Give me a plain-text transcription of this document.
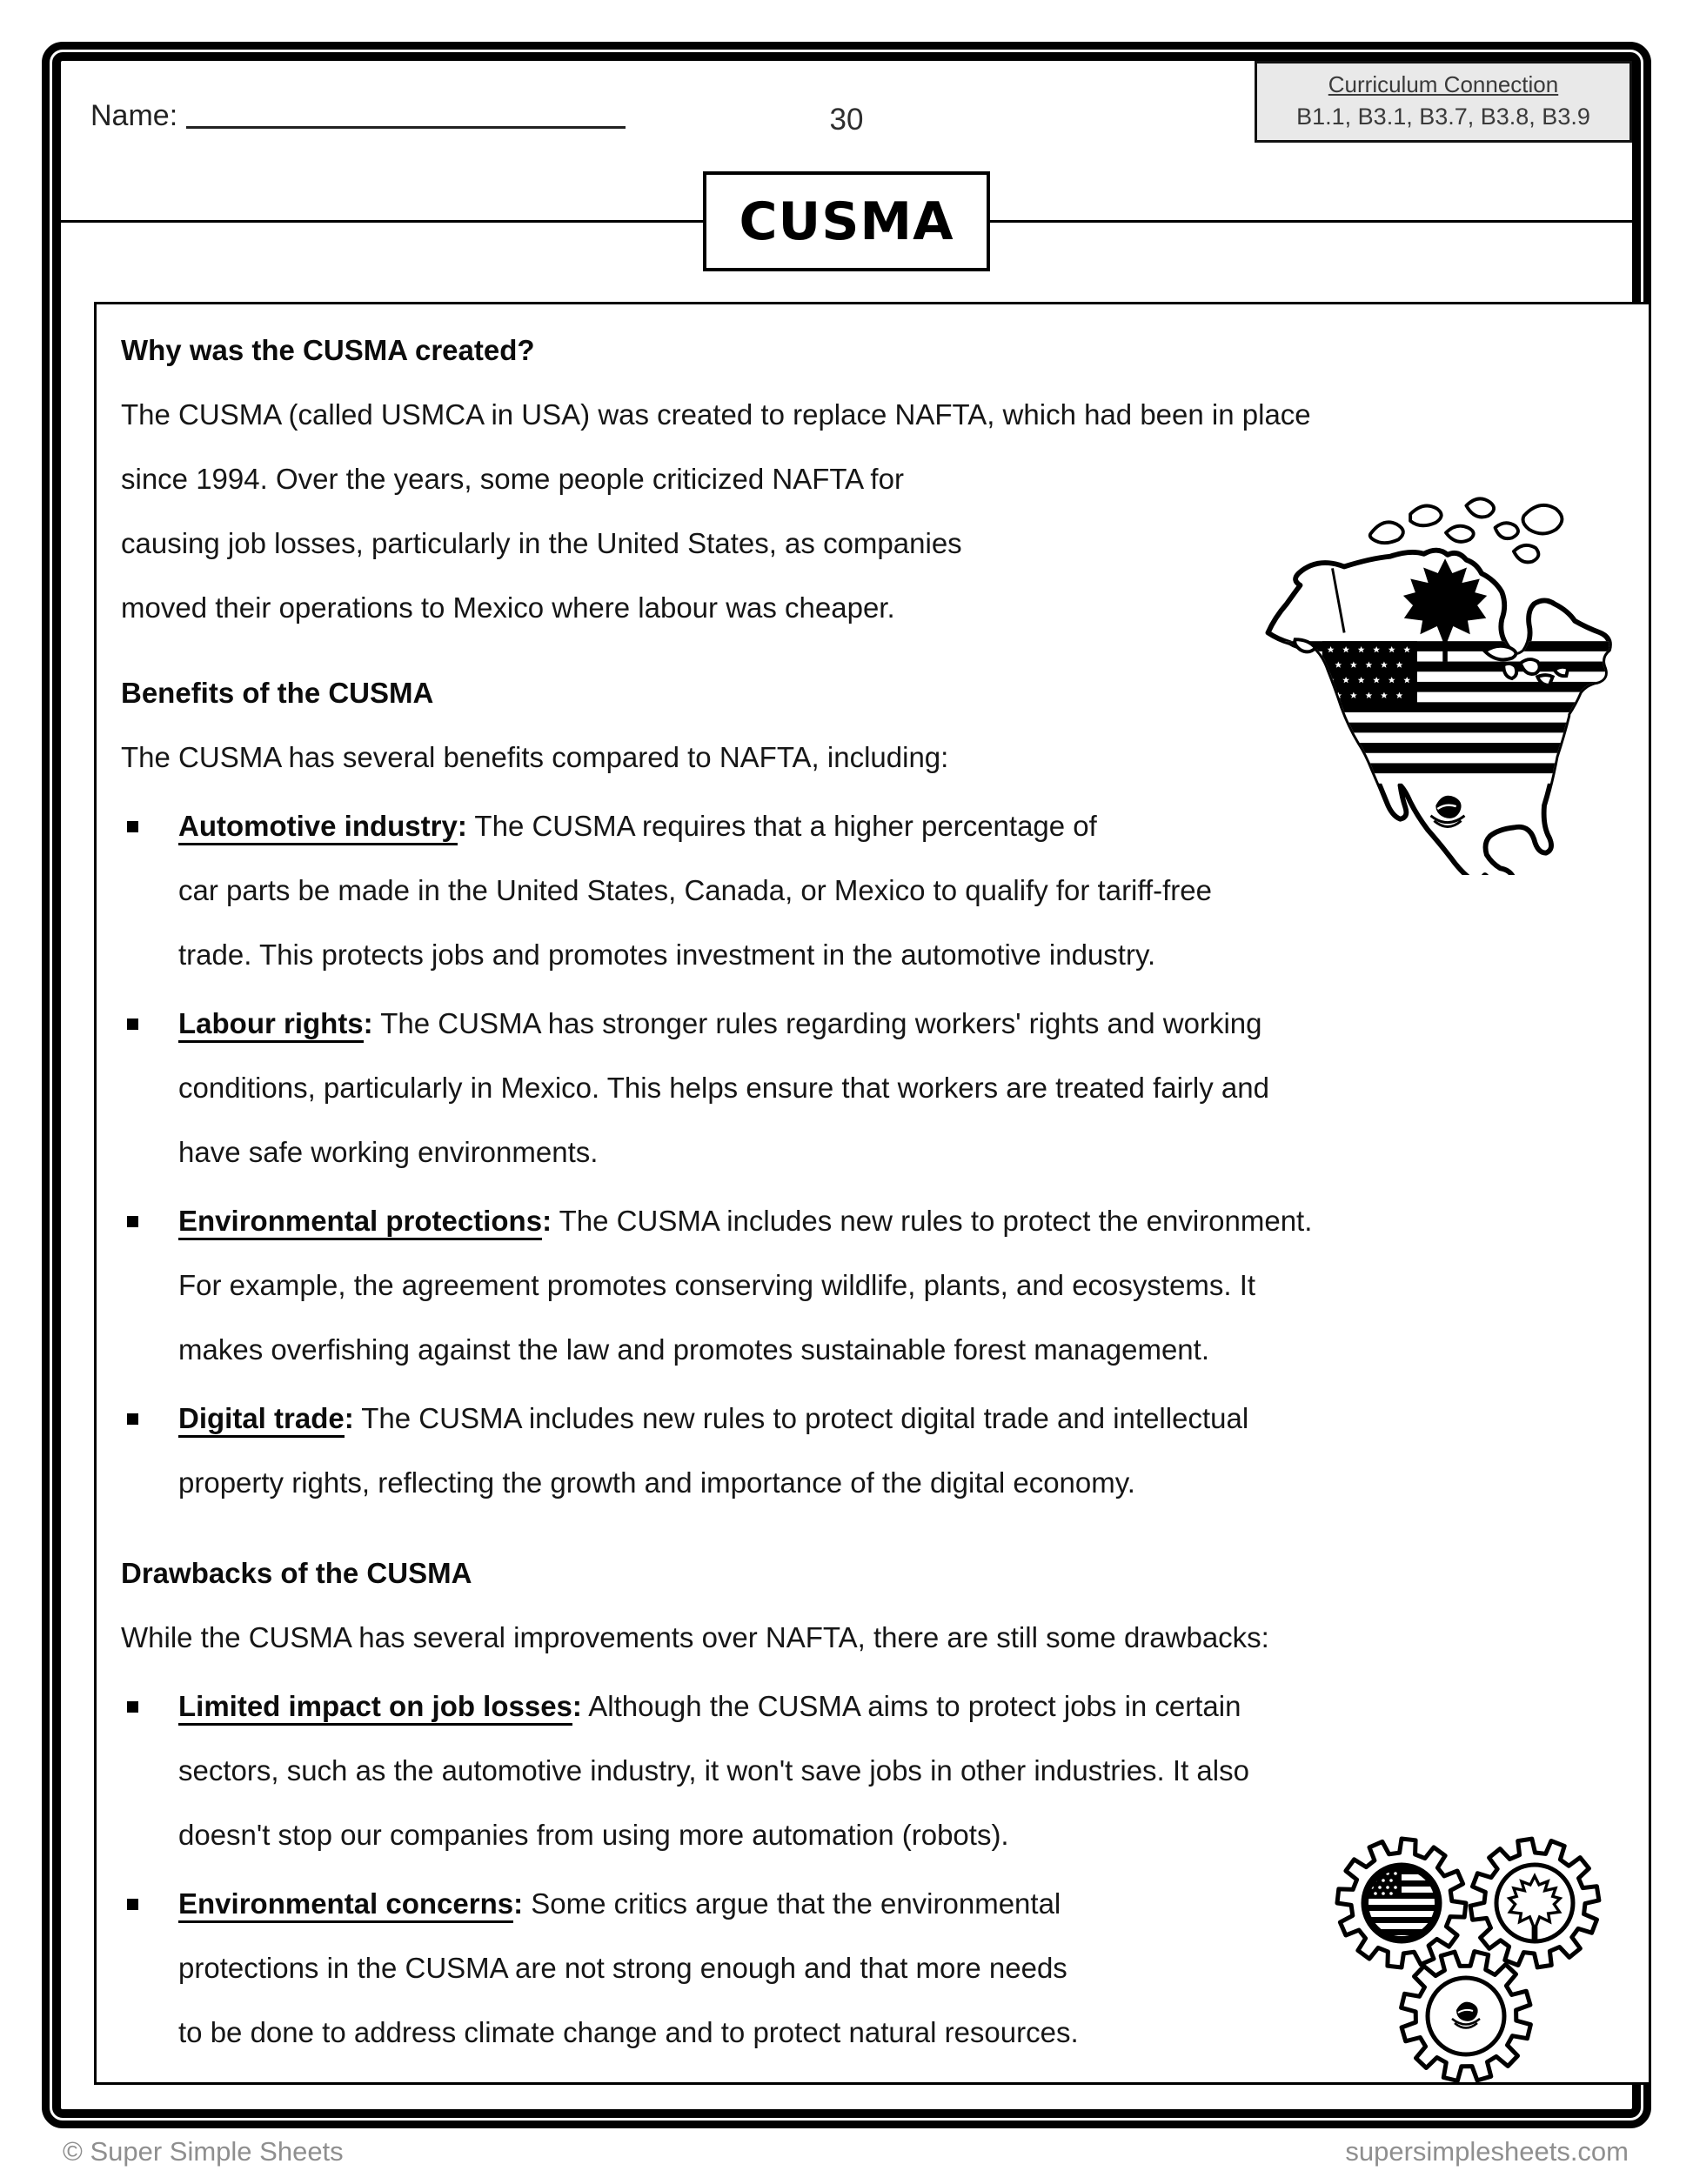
Name:	30
Curriculum Connection
B1.1, B3.1, B3.7, B3.8, B3.9
CUSMA
Why was the CUSMA created?
The CUSMA (called USMCA in USA) was created to replace NAFTA, which had been in place
since 1994. Over the years, some people criticized NAFTA for
causing job losses, particularly in the United States, as companies
moved their operations to Mexico where labour was cheaper.
Benefits of the CUSMA
The CUSMA has several benefits compared to NAFTA, including:
Automotive industry: The CUSMA requires that a higher percentage of
car parts be made in the United States, Canada, or Mexico to qualify for tariff-free
trade. This protects jobs and promotes investment in the automotive industry.
Labour rights: The CUSMA has stronger rules regarding workers' rights and working
conditions, particularly in Mexico. This helps ensure that workers are treated fairly and
have safe working environments.
Environmental protections: The CUSMA includes new rules to protect the environment.
For example, the agreement promotes conserving wildlife, plants, and ecosystems. It
makes overfishing against the law and promotes sustainable forest management.
Digital trade: The CUSMA includes new rules to protect digital trade and intellectual
property rights, reflecting the growth and importance of the digital economy.
Drawbacks of the CUSMA
While the CUSMA has several improvements over NAFTA, there are still some drawbacks:
Limited impact on job losses: Although the CUSMA aims to protect jobs in certain
sectors, such as the automotive industry, it won't save jobs in other industries. It also
doesn't stop our companies from using more automation (robots).
Environmental concerns: Some critics argue that the environmental
protections in the CUSMA are not strong enough and that more needs
to be done to address climate change and to protect natural resources.
© Super Simple Sheets	supersimplesheets.com
